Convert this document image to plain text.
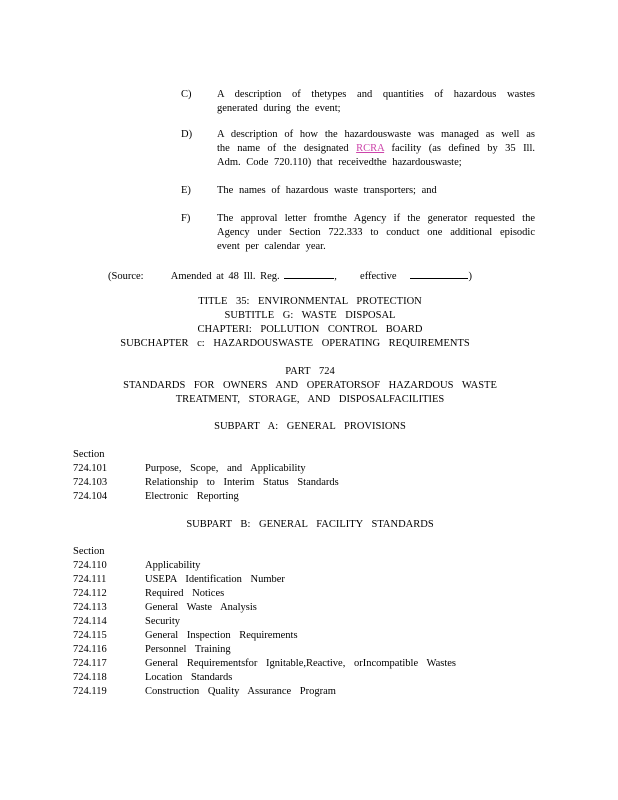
C) A description of thetypes and quantities of hazardous wastes generated during the event;
D) A description of how the hazardouswaste was managed as well as the name of the designated RCRA facility (as defined by 35 Ill. Adm. Code 720.110) that receivedthe hazardouswaste;
E) The names of hazardous waste transporters; and
F)	The approval letter fromthe Agency if the generator requested the Agency under Section 722.333 to conduct one additional episodic event per calendar year.
(Source:	Amended at 48 Ill. Reg.	, effective	)
TITLE 35: ENVIRONMENTAL PROTECTION
SUBTITLE G: WASTE DISPOSAL
CHAPTERI: POLLUTION CONTROL BOARD
SUBCHAPTER c: HAZARDOUSWASTE OPERATING REQUIREMENTS
PART 724
STANDARDS FOR OWNERS AND OPERATORSOF HAZARDOUS WASTE
TREATMENT, STORAGE, AND DISPOSALFACILITIES
SUBPART A: GENERAL PROVISIONS
Section
724.101	Purpose, Scope, and Applicability
724.103	Relationship to Interim Status Standards
724.104	Electronic Reporting
SUBPART B: GENERAL FACILITY STANDARDS
Section
724.110	Applicability
724.111	USEPA Identification Number
724.112	Required Notices
724.113	General Waste Analysis
724.114	Security
724.115	General Inspection Requirements
724.116	Personnel Training
724.117	General Requirementsfor Ignitable,Reactive, orIncompatible Wastes
724.118	Location Standards
724.119	Construction Quality Assurance Program
